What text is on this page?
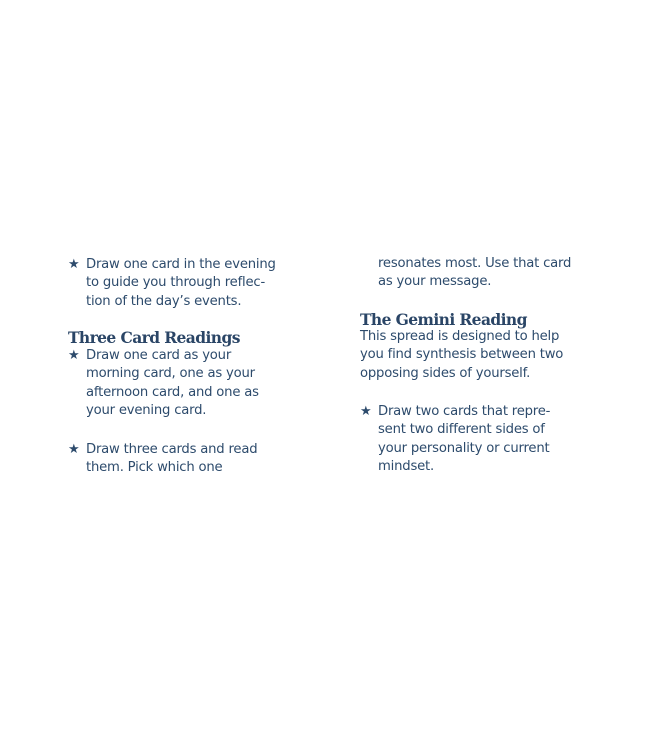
★ Draw one card in the evening
to guide you through reflec-
tion of the day’s events.
Three Card Readings
★ Draw one card as your
morning card, one as your
afternoon card, and one as
your evening card.
★ Draw three cards and read
them. Pick which one
resonates most. Use that card
as your message.
The Gemini Reading
This spread is designed to help
you find synthesis between two
opposing sides of yourself.
★ Draw two cards that repre-
sent two different sides of
your personality or current
mindset.
